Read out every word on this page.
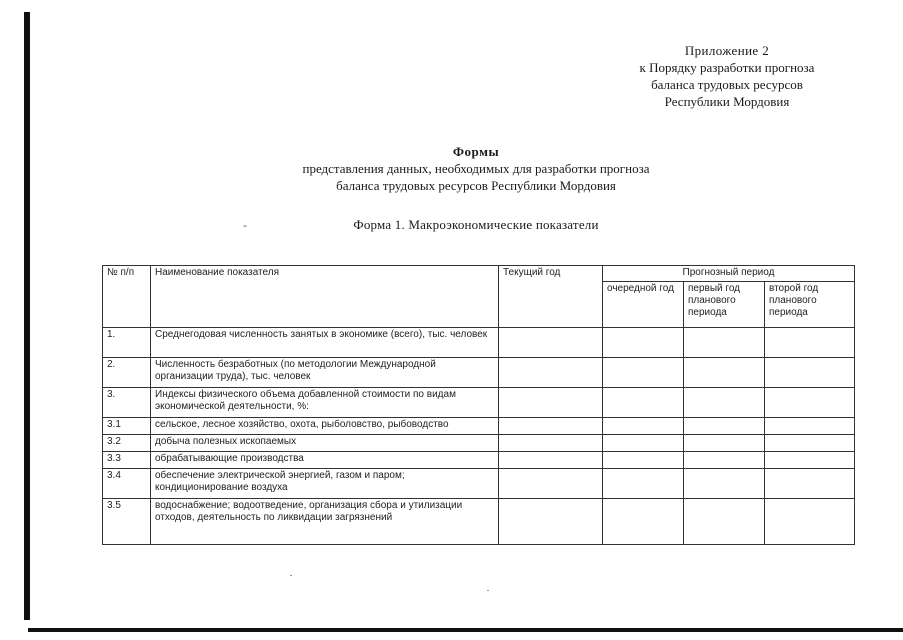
Приложение 2
к Порядку разработки прогноза
баланса трудовых ресурсов
Республики Мордовия
Формы
представления данных, необходимых для разработки прогноза
баланса трудовых ресурсов Республики Мордовия
-	Форма 1. Макроэкономические показатели
№ п/п	Наименование показателя	Текущий год	Прогнозный период		
			очередной год	первый год планового периода	второй год планового периода
1.	Среднегодовая численность занятых в экономике (всего), тыс. человек				
2.	Численность безработных (по методологии Международной организации труда), тыс. человек				
3.	Индексы физического объема добавленной стоимости по видам экономической деятельности, %:				
3.1	сельское, лесное хозяйство, охота, рыболовство, рыбоводство				
3.2	добыча полезных ископаемых				
3.3	обрабатывающие производства				
3.4	обеспечение электрической энергией, газом и паром; кондиционирование воздуха				
3.5	водоснабжение; водоотведение, организация сбора и утилизации отходов, деятельность по ликвидации загрязнений				
